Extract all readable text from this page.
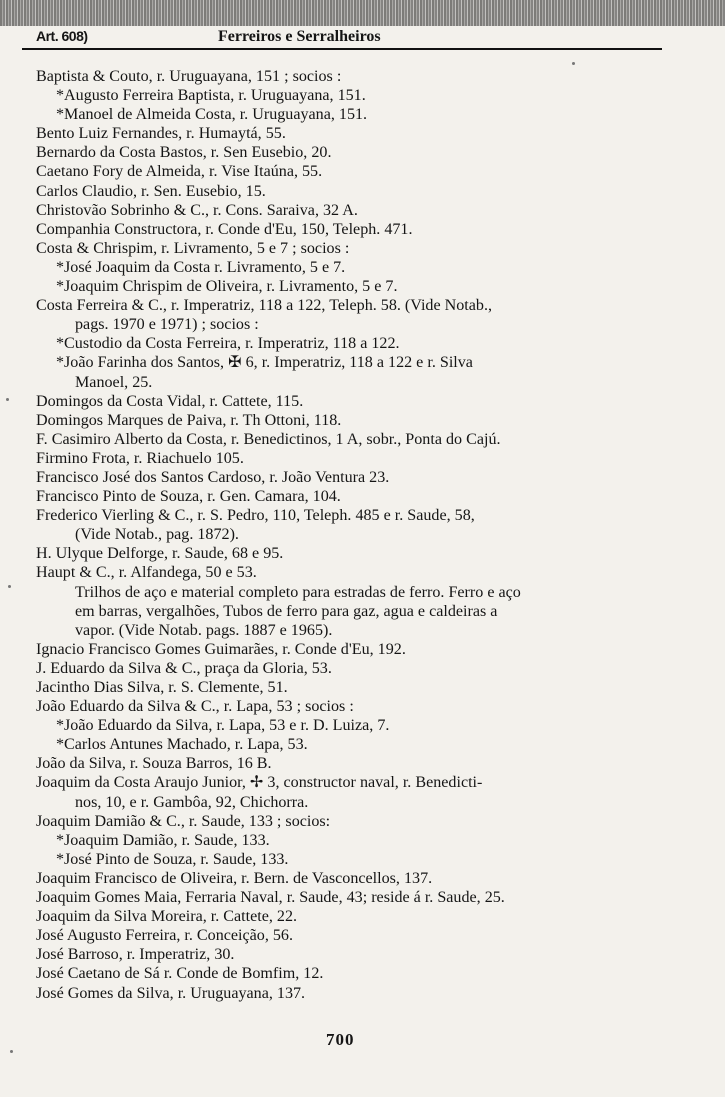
Art. 608)	Ferreiros e Serralheiros
Baptista & Couto, r. Uruguayana, 151 ; socios :
*Augusto Ferreira Baptista, r. Uruguayana, 151.
*Manoel de Almeida Costa, r. Uruguayana, 151.
Bento Luiz Fernandes, r. Humaytá, 55.
Bernardo da Costa Bastos, r. Sen Eusebio, 20.
Caetano Fory de Almeida, r. Vise Itaúna, 55.
Carlos Claudio, r. Sen. Eusebio, 15.
Christovão Sobrinho & C., r. Cons. Saraiva, 32 A.
Companhia Constructora, r. Conde d'Eu, 150, Teleph. 471.
Costa & Chrispim, r. Livramento, 5 e 7 ; socios :
*José Joaquim da Costa r. Livramento, 5 e 7.
*Joaquim Chrispim de Oliveira, r. Livramento, 5 e 7.
Costa Ferreira & C., r. Imperatriz, 118 a 122, Teleph. 58. (Vide Notab.,
pags. 1970 e 1971) ; socios :
*Custodio da Costa Ferreira, r. Imperatriz, 118 a 122.
*João Farinha dos Santos, ✠ 6, r. Imperatriz, 118 a 122 e r. Silva
Manoel, 25.
Domingos da Costa Vidal, r. Cattete, 115.
Domingos Marques de Paiva, r. Th Ottoni, 118.
F. Casimiro Alberto da Costa, r. Benedictinos, 1 A, sobr., Ponta do Cajú.
Firmino Frota, r. Riachuelo 105.
Francisco José dos Santos Cardoso, r. João Ventura 23.
Francisco Pinto de Souza, r. Gen. Camara, 104.
Frederico Vierling & C., r. S. Pedro, 110, Teleph. 485 e r. Saude, 58,
(Vide Notab., pag. 1872).
H. Ulyque Delforge, r. Saude, 68 e 95.
Haupt & C., r. Alfandega, 50 e 53.
Trilhos de aço e material completo para estradas de ferro. Ferro e aço
em barras, vergalhões, Tubos de ferro para gaz, agua e caldeiras a
vapor. (Vide Notab. pags. 1887 e 1965).
Ignacio Francisco Gomes Guimarães, r. Conde d'Eu, 192.
J. Eduardo da Silva & C., praça da Gloria, 53.
Jacintho Dias Silva, r. S. Clemente, 51.
João Eduardo da Silva & C., r. Lapa, 53 ; socios :
*João Eduardo da Silva, r. Lapa, 53 e r. D. Luiza, 7.
*Carlos Antunes Machado, r. Lapa, 53.
João da Silva, r. Souza Barros, 16 B.
Joaquim da Costa Araujo Junior, ✢ 3, constructor naval, r. Benedicti-
nos, 10, e r. Gambôa, 92, Chichorra.
Joaquim Damião & C., r. Saude, 133 ; socios:
*Joaquim Damião, r. Saude, 133.
*José Pinto de Souza, r. Saude, 133.
Joaquim Francisco de Oliveira, r. Bern. de Vasconcellos, 137.
Joaquim Gomes Maia, Ferraria Naval, r. Saude, 43; reside á r. Saude, 25.
Joaquim da Silva Moreira, r. Cattete, 22.
José Augusto Ferreira, r. Conceição, 56.
José Barroso, r. Imperatriz, 30.
José Caetano de Sá r. Conde de Bomfim, 12.
José Gomes da Silva, r. Uruguayana, 137.
700
